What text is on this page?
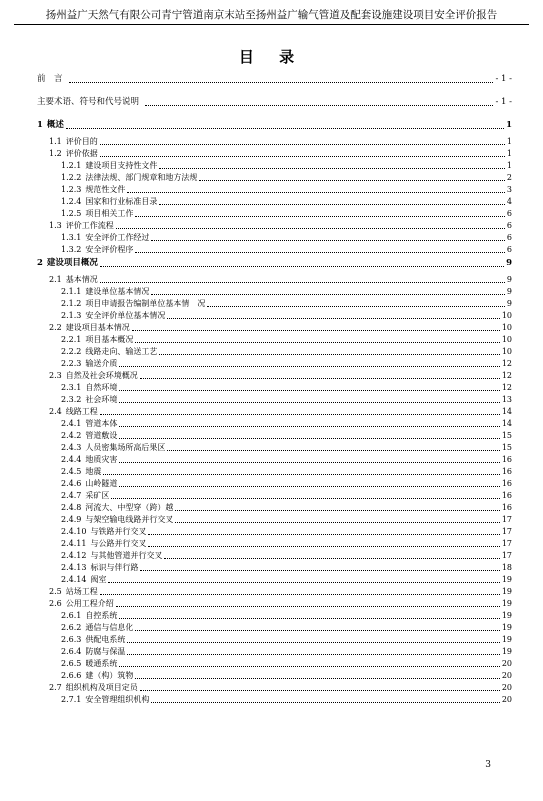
扬州益广天然气有限公司青宁管道南京末站至扬州益广输气管道及配套设施建设项目安全评价报告
目 录
前　言	- 1 -
主要术语、符号和代号说明	- 1 -
1 概述	1
1.1 评价目的	1
1.2 评价依据	1
1.2.1 建设项目支持性文件	1
1.2.2 法律法规、部门规章和地方法规	2
1.2.3 规范性文件	3
1.2.4 国家和行业标准目录	4
1.2.5 项目相关工作	6
1.3 评价工作流程	6
1.3.1 安全评价工作经过	6
1.3.2 安全评价程序	6
2 建设项目概况	9
2.1 基本情况	9
2.1.1 建设单位基本情况	9
2.1.2 项目申请报告编制单位基本情　况	9
2.1.3 安全评价单位基本情况	10
2.2 建设项目基本情况	10
2.2.1 项目基本概况	10
2.2.2 线路走向、输送工艺	10
2.2.3 输送介质	12
2.3 自然及社会环境概况	12
2.3.1 自然环境	12
2.3.2 社会环境	13
2.4 线路工程	14
2.4.1 管道本体	14
2.4.2 管道敷设	15
2.4.3 人员密集场所高后果区	15
2.4.4 地质灾害	16
2.4.5 地震	16
2.4.6 山岭隧道	16
2.4.7 采矿区	16
2.4.8 河流大、中型穿（跨）越	16
2.4.9 与架空输电线路并行交叉	17
2.4.10 与铁路并行交叉	17
2.4.11 与公路并行交叉	17
2.4.12 与其他管道并行交叉	17
2.4.13 标识与伴行路	18
2.4.14 阀室	19
2.5 站场工程	19
2.6 公用工程介绍	19
2.6.1 自控系统	19
2.6.2 通信与信息化	19
2.6.3 供配电系统	19
2.6.4 防腐与保温	19
2.6.5 暖通系统	20
2.6.6 建（构）筑物	20
2.7 组织机构及项目定员	20
2.7.1 安全管理组织机构	20
3
